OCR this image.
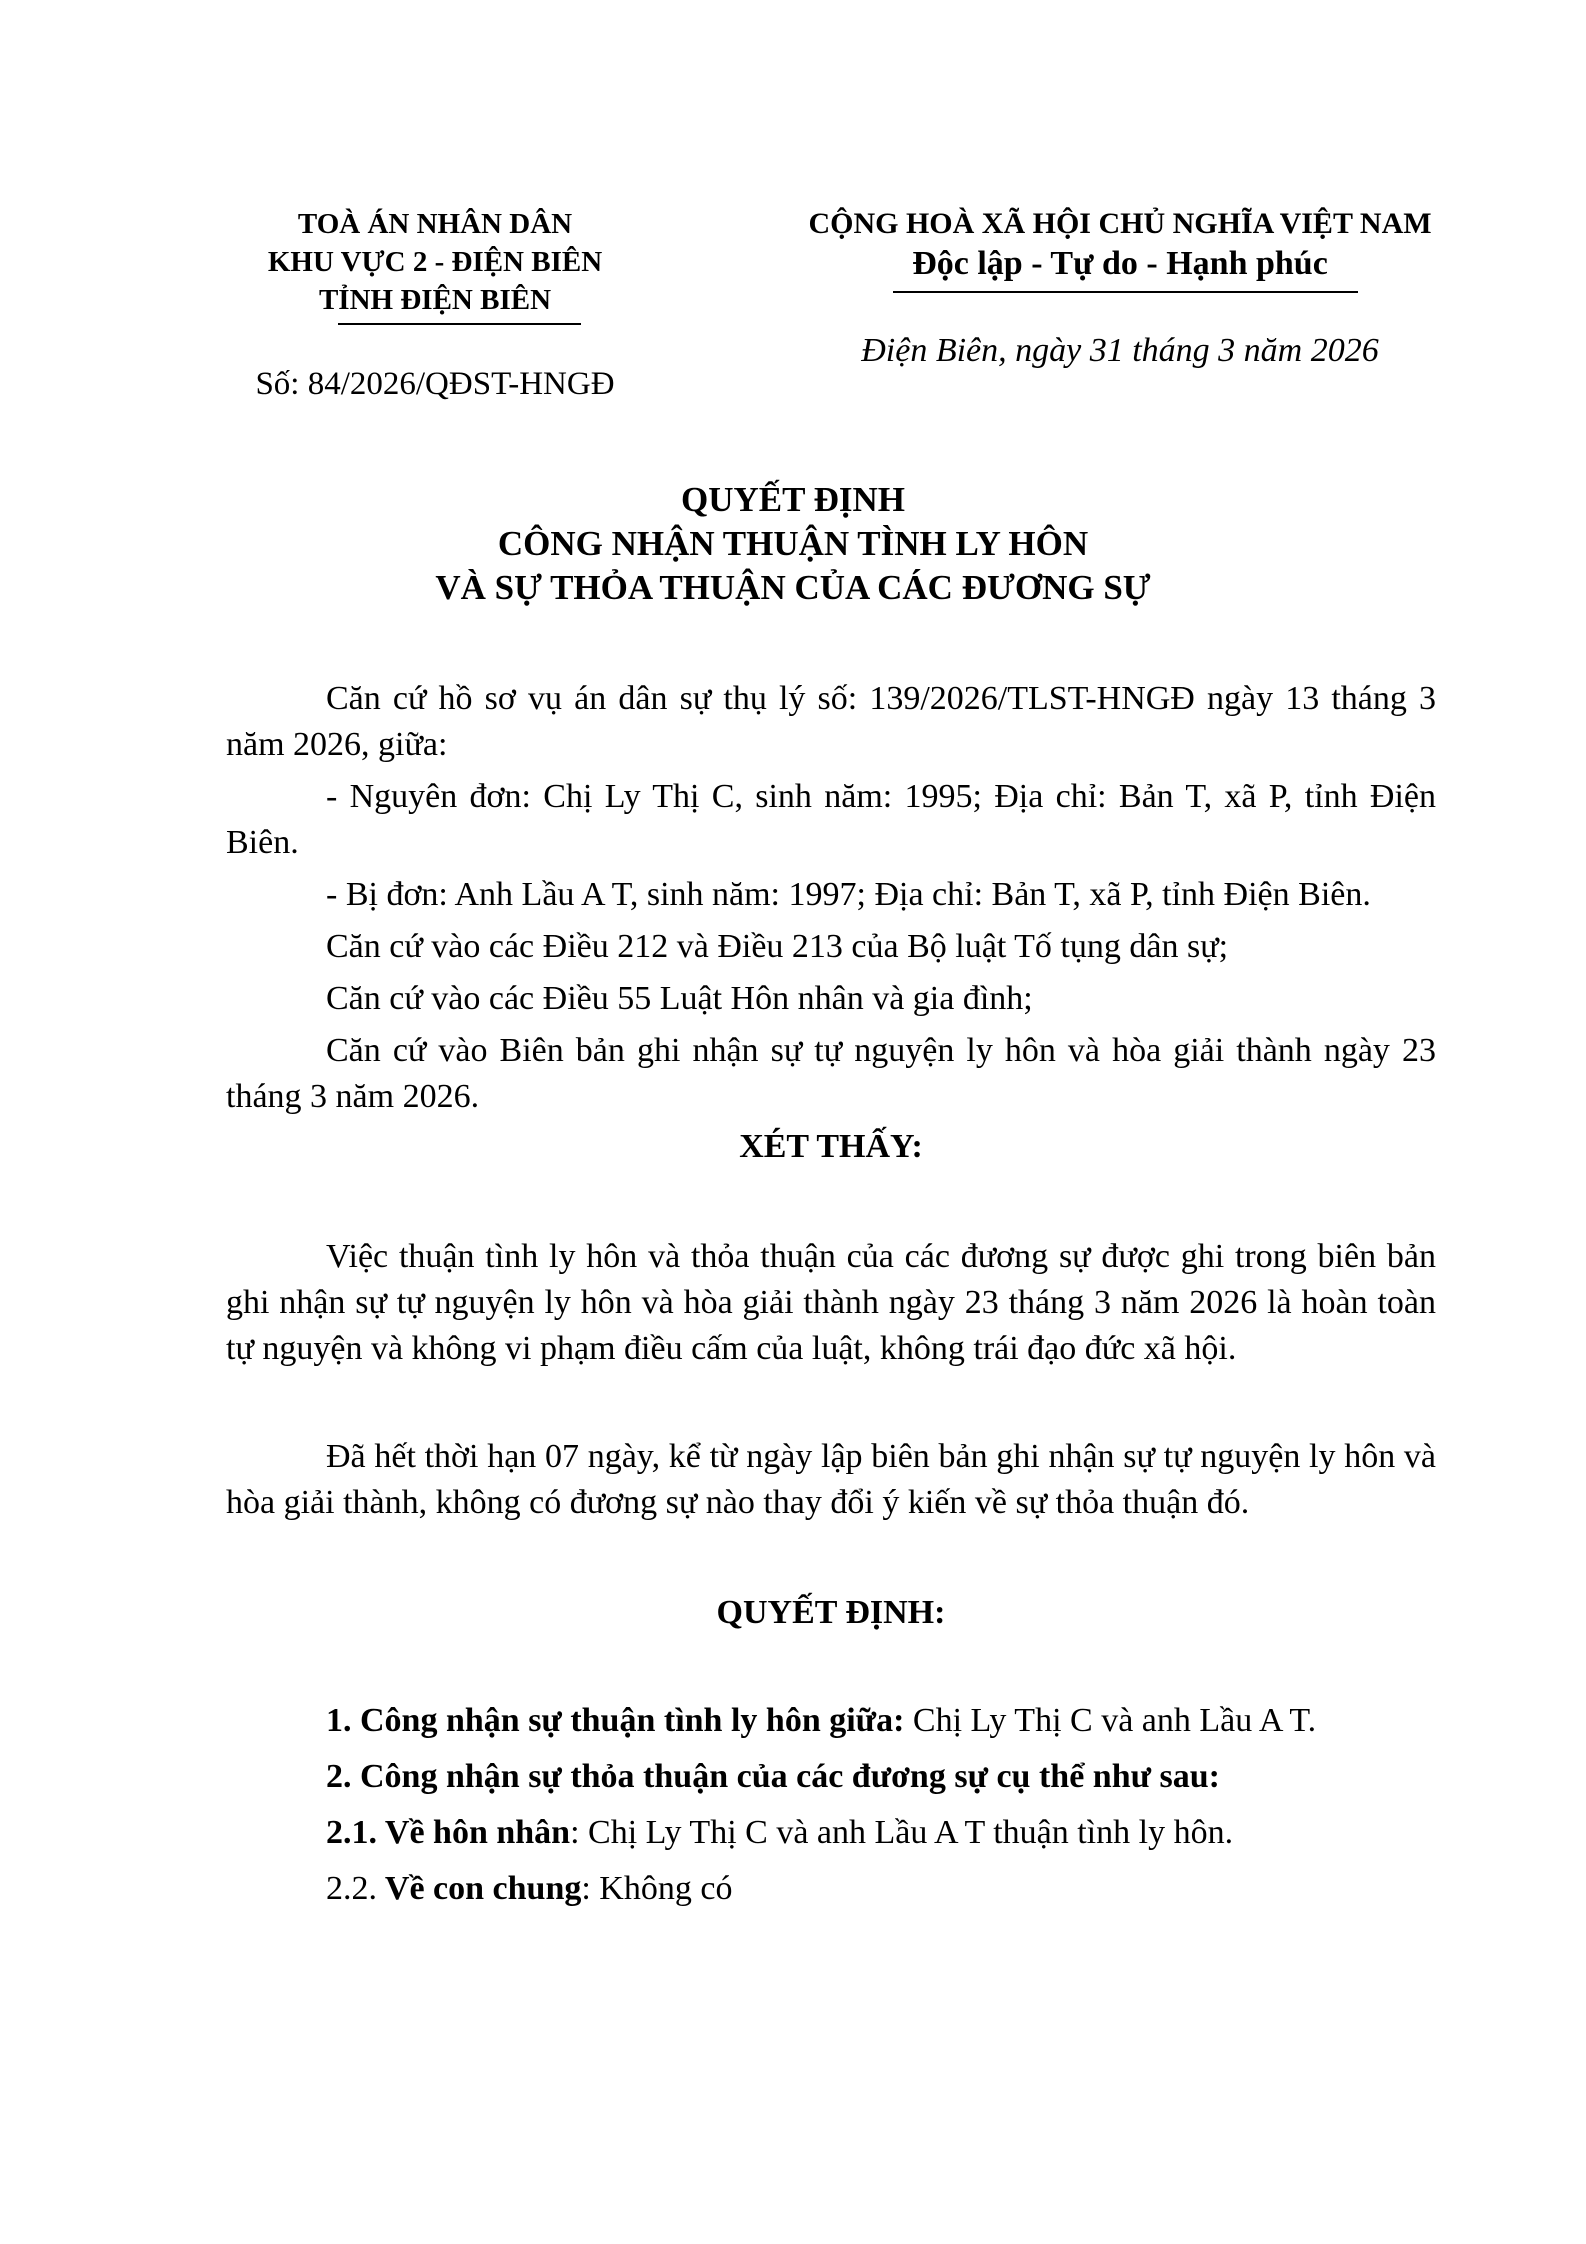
TOÀ ÁN NHÂN DÂN
KHU VỰC 2 - ĐIỆN BIÊN
TỈNH ĐIỆN BIÊN
Số: 84/2026/QĐST-HNGĐ
CỘNG HOÀ XÃ HỘI CHỦ NGHĨA VIỆT NAM
Độc lập - Tự do - Hạnh phúc
Điện Biên, ngày 31 tháng 3 năm 2026
QUYẾT ĐỊNH
CÔNG NHẬN THUẬN TÌNH LY HÔN
VÀ SỰ THỎA THUẬN CỦA CÁC ĐƯƠNG SỰ

Căn cứ hồ sơ vụ án dân sự thụ lý số: 139/2026/TLST-HNGĐ ngày 13 tháng 3 năm 2026, giữa:

- Nguyên đơn: Chị Ly Thị C, sinh năm: 1995; Địa chỉ: Bản T, xã P, tỉnh Điện Biên.

- Bị đơn: Anh Lầu A T, sinh năm: 1997; Địa chỉ: Bản T, xã P, tỉnh Điện Biên.

Căn cứ vào các Điều 212 và Điều 213 của Bộ luật Tố tụng dân sự;

Căn cứ vào các Điều 55 Luật Hôn nhân và gia đình;

Căn cứ vào Biên bản ghi nhận sự tự nguyện ly hôn và hòa giải thành ngày 23 tháng 3 năm 2026.

XÉT THẤY:

Việc thuận tình ly hôn và thỏa thuận của các đương sự được ghi trong biên bản ghi nhận sự tự nguyện ly hôn và hòa giải thành ngày 23 tháng 3 năm 2026 là hoàn toàn tự nguyện và không vi phạm điều cấm của luật, không trái đạo đức xã hội.

Đã hết thời hạn 07 ngày, kể từ ngày lập biên bản ghi nhận sự tự nguyện ly hôn và hòa giải thành, không có đương sự nào thay đổi ý kiến về sự thỏa thuận đó.

QUYẾT ĐỊNH:

1. Công nhận sự thuận tình ly hôn giữa: Chị Ly Thị C và anh Lầu A T.

2. Công nhận sự thỏa thuận của các đương sự cụ thể như sau:

2.1. Về hôn nhân: Chị Ly Thị C và anh Lầu A T thuận tình ly hôn.

2.2. Về con chung: Không có
